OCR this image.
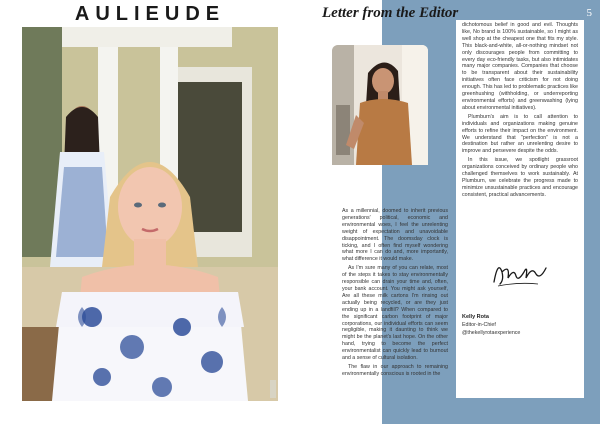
AULIEUDE	Letter from the Editor	5

As a millennial, doomed to inherit previous generations' political, economic and environmental woes, I feel the unrelenting weight of expectation and unavoidable disappointment. The doomsday clock is ticking, and I often find myself wondering what more I can do and, more importantly, what difference it would make.

As I'm sure many of you can relate, most of the steps it takes to stay environmentally responsible can drain your time and, often, your bank account. You might ask yourself, Are all these milk cartons I'm rinsing out actually being recycled, or are they just ending up in a landfill? When compared to the significant carbon footprint of major corporations, our individual efforts can seem negligible, making it daunting to think we might be the planet's last hope. On the other hand, trying to become the perfect environmentalist can quickly lead to burnout and a sense of cultural isolation.

The flaw in our approach to remaining environmentally conscious is rooted in the

dichotomous belief in good and evil. Thoughts like, No brand is 100% sustainable, so I might as well shop at the cheapest one that fits my style. This black-and-white, all-or-nothing mindset not only discourages people from committing to every day eco-friendly tasks, but also intimidates many major companies. Companies that choose to be transparent about their sustainability initiatives often face criticism for not doing enough. This has led to problematic practices like greenhushing (withholding, or underreporting environmental efforts) and greenwashing (lying about environmental initiatives).

Plumburn's aim is to call attention to individuals and organizations making genuine efforts to refine their impact on the environment. We understand that "perfection" is not a destination but rather an unrelenting desire to improve and persevere despite the odds.

In this issue, we spotlight grassroot organizations conceived by ordinary people who challenged themselves to work sustainably. At Plumburn, we celebrate the progress made to minimize unsustainable practices and encourage consistent, practical advancements.

Kelly Rota
Editor-in-Chief
@thekellyrotaexperience
